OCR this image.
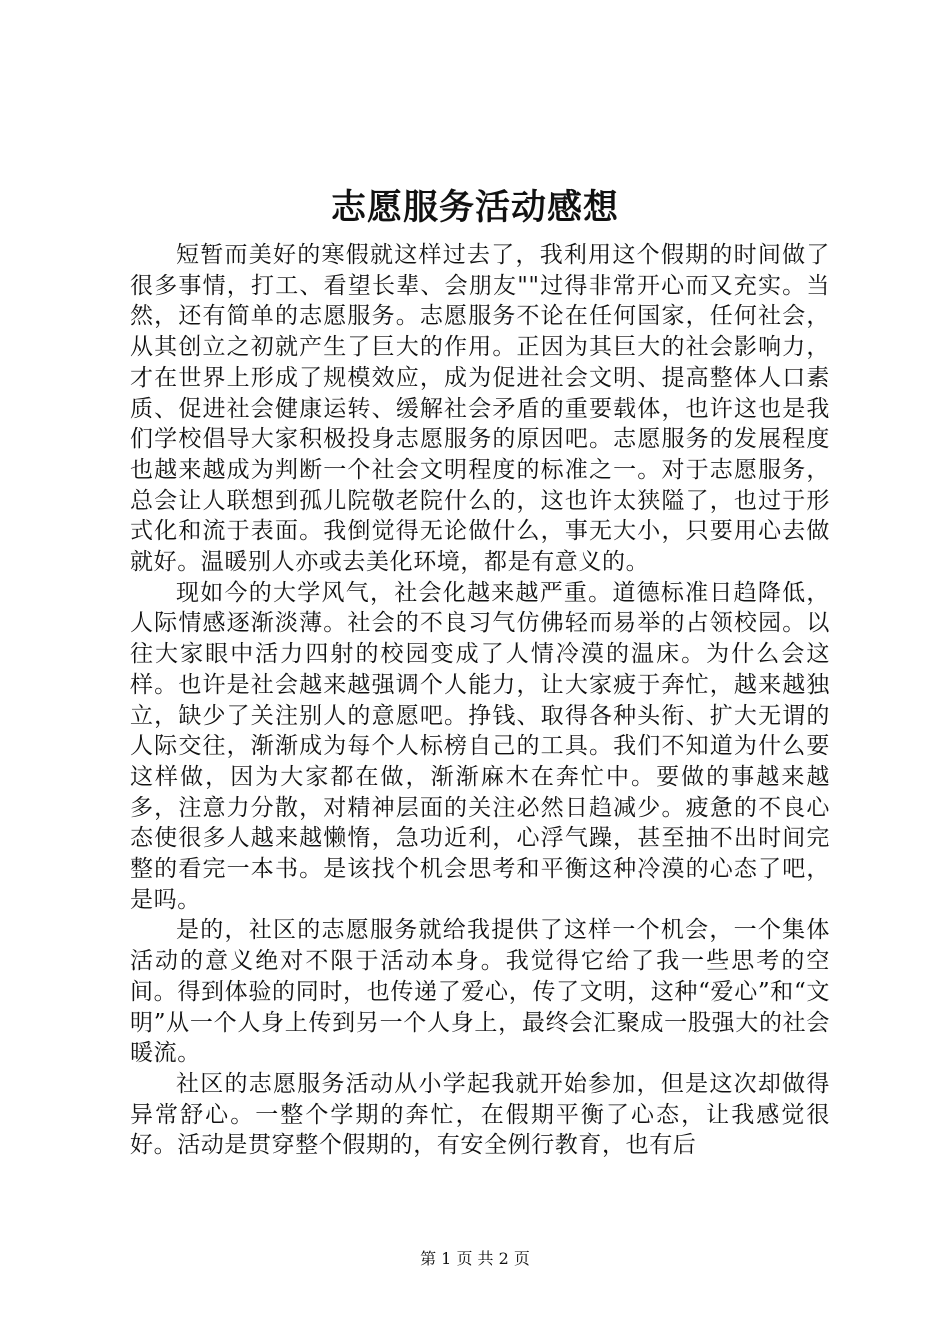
志愿服务活动感想

短暂而美好的寒假就这样过去了，我利用这个假期的时间做了很多事情，打工、看望长辈、会朋友""过得非常开心而又充实。当然，还有简单的志愿服务。志愿服务不论在任何国家，任何社会，从其创立之初就产生了巨大的作用。正因为其巨大的社会影响力，才在世界上形成了规模效应，成为促进社会文明、提高整体人口素质、促进社会健康运转、缓解社会矛盾的重要载体，也许这也是我们学校倡导大家积极投身志愿服务的原因吧。志愿服务的发展程度也越来越成为判断一个社会文明程度的标准之一。对于志愿服务，总会让人联想到孤儿院敬老院什么的，这也许太狭隘了，也过于形式化和流于表面。我倒觉得无论做什么，事无大小，只要用心去做就好。温暖别人亦或去美化环境，都是有意义的。

现如今的大学风气，社会化越来越严重。道德标准日趋降低，人际情感逐渐淡薄。社会的不良习气仿佛轻而易举的占领校园。以往大家眼中活力四射的校园变成了人情冷漠的温床。为什么会这样。也许是社会越来越强调个人能力，让大家疲于奔忙，越来越独立，缺少了关注别人的意愿吧。挣钱、取得各种头衔、扩大无谓的人际交往，渐渐成为每个人标榜自己的工具。我们不知道为什么要这样做，因为大家都在做，渐渐麻木在奔忙中。要做的事越来越多，注意力分散，对精神层面的关注必然日趋减少。疲惫的不良心态使很多人越来越懒惰，急功近利，心浮气躁，甚至抽不出时间完整的看完一本书。是该找个机会思考和平衡这种冷漠的心态了吧，是吗。

是的，社区的志愿服务就给我提供了这样一个机会，一个集体活动的意义绝对不限于活动本身。我觉得它给了我一些思考的空间。得到体验的同时，也传递了爱心，传了文明，这种“爱心”和“文明”从一个人身上传到另一个人身上，最终会汇聚成一股强大的社会暖流。

社区的志愿服务活动从小学起我就开始参加，但是这次却做得异常舒心。一整个学期的奔忙，在假期平衡了心态，让我感觉很好。活动是贯穿整个假期的，有安全例行教育，也有后

第 1 页 共 2 页
